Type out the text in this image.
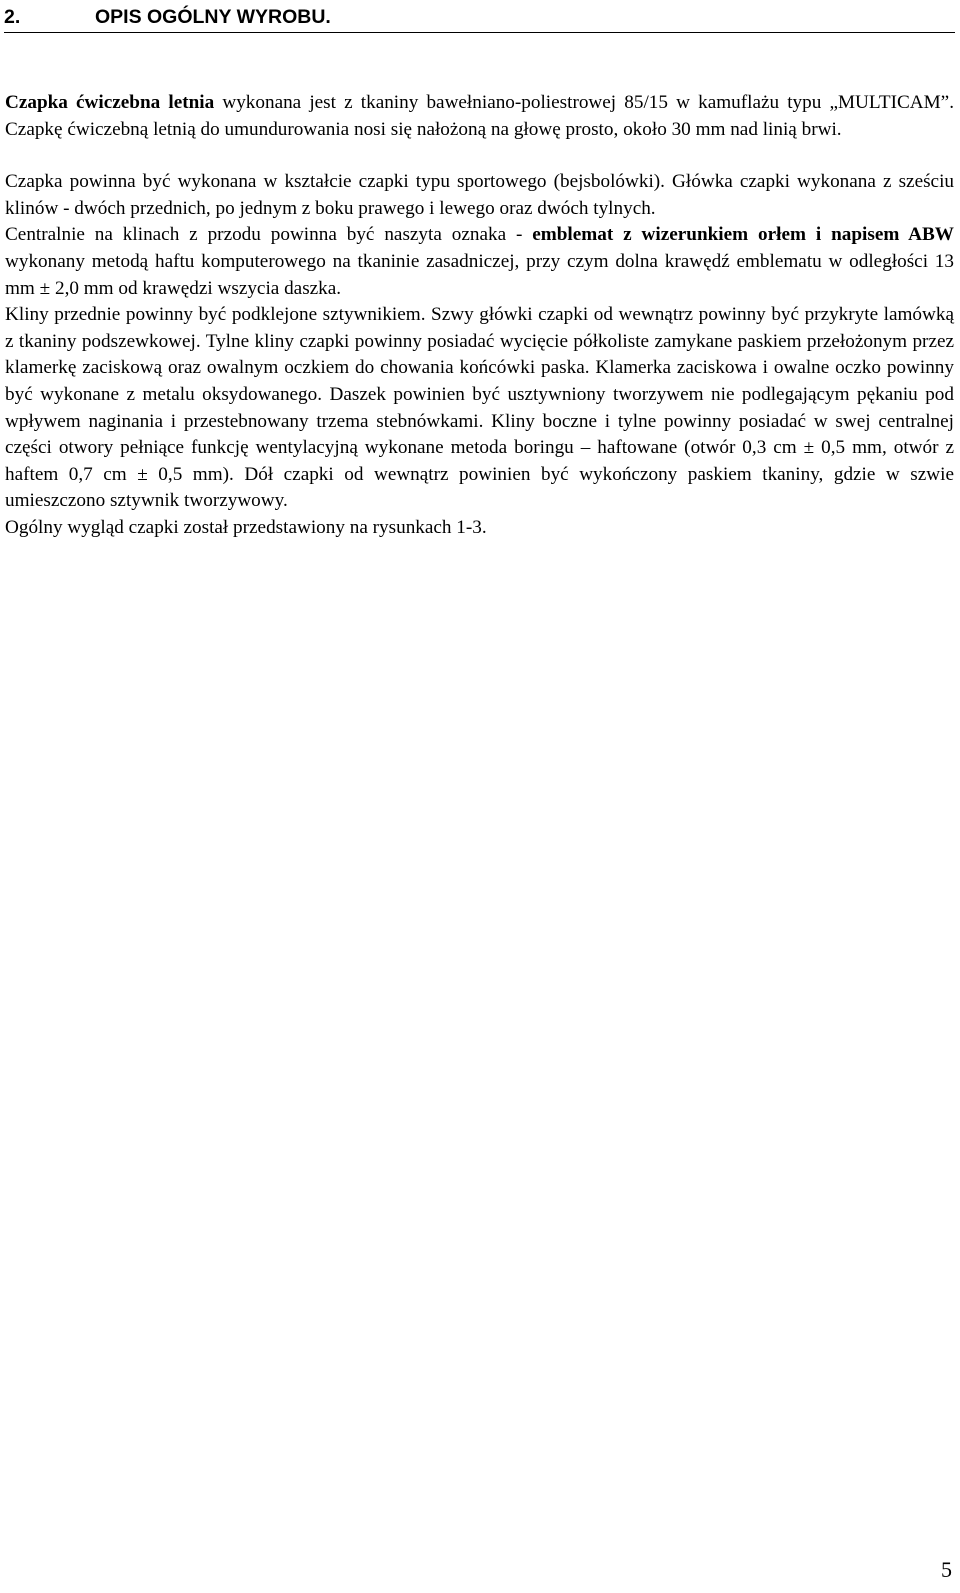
2.	OPIS OGÓLNY WYROBU.

Czapka ćwiczebna letnia wykonana jest z tkaniny bawełniano-poliestrowej 85/15 w kamuflażu typu „MULTICAM”. Czapkę ćwiczebną letnią do umundurowania nosi się nałożoną na głowę prosto, około 30 mm nad linią brwi.

Czapka powinna być wykonana w kształcie czapki typu sportowego (bejsbolówki). Główka czapki wykonana z sześciu klinów - dwóch przednich, po jednym z boku prawego i lewego oraz dwóch tylnych.

Centralnie na klinach z przodu powinna być naszyta oznaka - emblemat z wizerunkiem orłem i napisem ABW wykonany metodą haftu komputerowego na tkaninie zasadniczej, przy czym dolna krawędź emblematu w odległości 13 mm ± 2,0 mm od krawędzi wszycia daszka.

Kliny przednie powinny być podklejone sztywnikiem. Szwy główki czapki od wewnątrz powinny być przykryte lamówką z tkaniny podszewkowej. Tylne kliny czapki powinny posiadać wycięcie półkoliste zamykane paskiem przełożonym przez klamerkę zaciskową oraz owalnym oczkiem do chowania końcówki paska. Klamerka zaciskowa i owalne oczko powinny być wykonane z metalu oksydowanego. Daszek powinien być usztywniony tworzywem nie podlegającym pękaniu pod wpływem naginania i przestebnowany trzema stebnówkami. Kliny boczne i tylne powinny posiadać w swej centralnej części otwory pełniące funkcję wentylacyjną wykonane metoda boringu – haftowane (otwór 0,3 cm ± 0,5 mm, otwór z haftem 0,7 cm ± 0,5 mm). Dół czapki od wewnątrz powinien być wykończony paskiem tkaniny, gdzie w szwie umieszczono sztywnik tworzywowy.

Ogólny wygląd czapki został przedstawiony na rysunkach 1-3.

5
